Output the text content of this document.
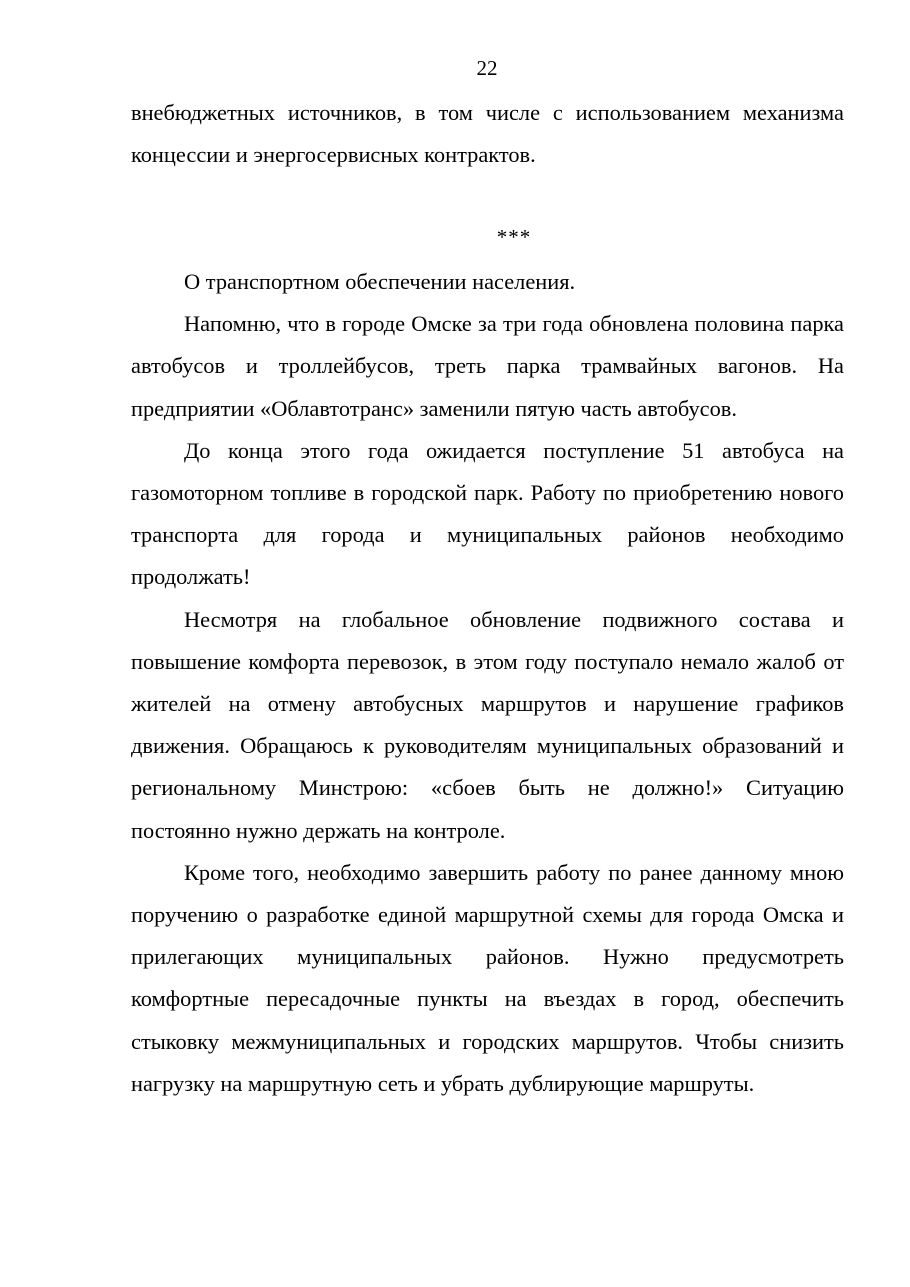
22

внебюджетных источников, в том числе с использованием механизма концессии и энергосервисных контрактов.

***

О транспортном обеспечении населения.

Напомню, что в городе Омске за три года обновлена половина парка автобусов и троллейбусов, треть парка трамвайных вагонов. На предприятии «Облавтотранс» заменили пятую часть автобусов.

До конца этого года ожидается поступление 51 автобуса на газомоторном топливе в городской парк. Работу по приобретению нового транспорта для города и муниципальных районов необходимо продолжать!

Несмотря на глобальное обновление подвижного состава и повышение комфорта перевозок, в этом году поступало немало жалоб от жителей на отмену автобусных маршрутов и нарушение графиков движения. Обращаюсь к руководителям муниципальных образований и региональному Минстрою: «сбоев быть не должно!» Ситуацию постоянно нужно держать на контроле.

Кроме того, необходимо завершить работу по ранее данному мною поручению о разработке единой маршрутной схемы для города Омска и прилегающих муниципальных районов. Нужно предусмотреть комфортные пересадочные пункты на въездах в город, обеспечить стыковку межмуниципальных и городских маршрутов. Чтобы снизить нагрузку на маршрутную сеть и убрать дублирующие маршруты.
